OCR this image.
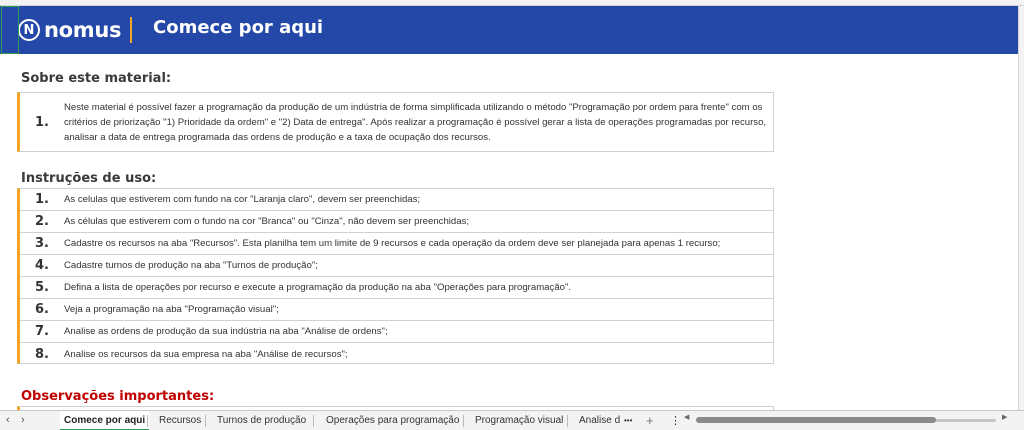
N nomus Comece por aqui
Sobre este material:
1.
Neste material é possível fazer a programação da produção de um indústria de forma simplificada utilizando o método "Programação por ordem para frente" com os critérios de priorização "1) Prioridade da ordem" e "2) Data de entrega". Após realizar a programação é possível gerar a lista de operações programadas por recurso, analisar a data de entrega programada das ordens de produção e a taxa de ocupação dos recursos.
Instruções de uso:
1.	As celulas que estiverem com fundo na cor "Laranja claro", devem ser preenchidas;
2.	As células que estiverem com o fundo na cor "Branca" ou "Cinza", não devem ser preenchidas;
3.	Cadastre os recursos na aba "Recursos". Esta planilha tem um limite de 9 recursos e cada operação da ordem deve ser planejada para apenas 1 recurso;
4.	Cadastre turnos de produção na aba "Turnos de produção";
5.	Defina a lista de operações por recurso e execute a programação da produção na aba "Operações para programação".
6.	Veja a programação na aba "Programação visual";
7.	Analise as ordens de produção da sua indústria na aba "Análise de ordens";
8.	Analise os recursos da sua empresa na aba "Análise de recursos";
Observações importantes:
‹ ›	Comece por aqui	Recursos Turnos de produção Operações para programação Programação visual Analise d ••• + ⋮ ◀	▶
